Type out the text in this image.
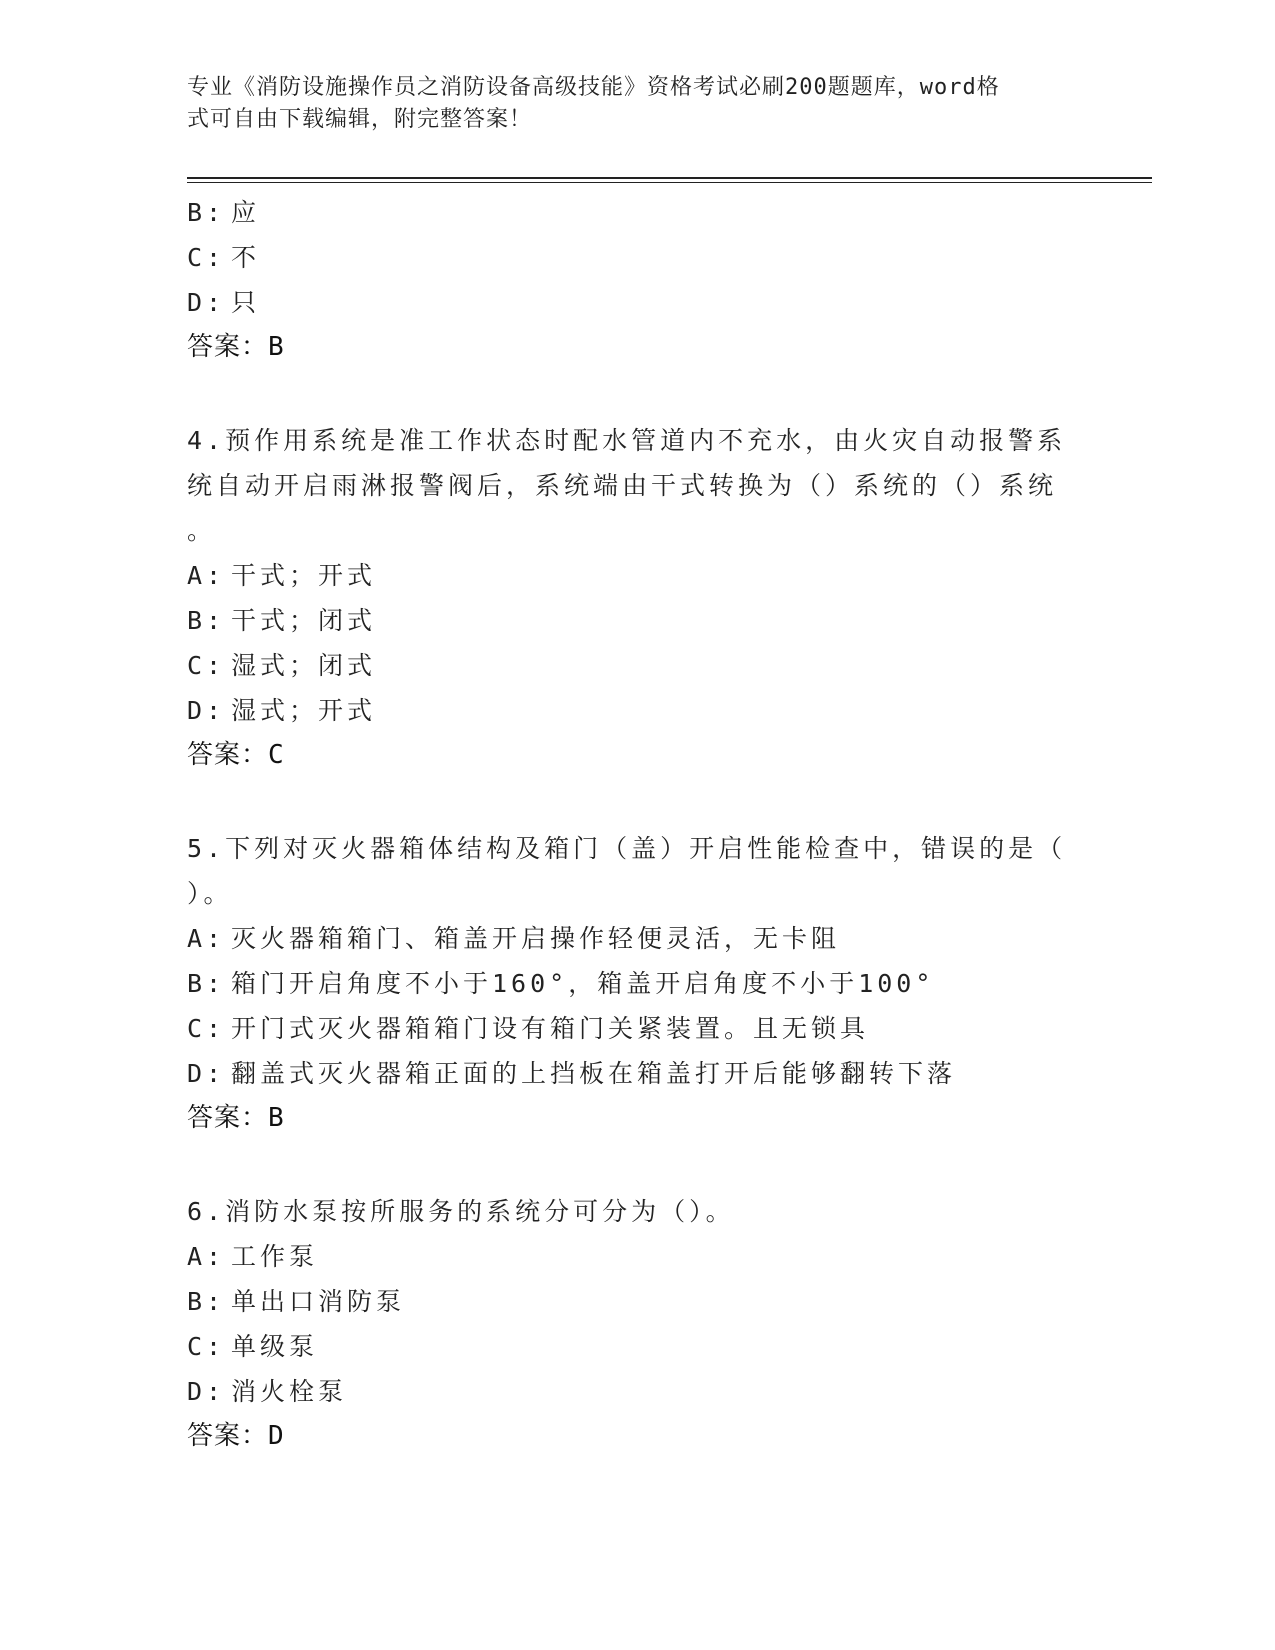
专业《消防设施操作员之消防设备高级技能》资格考试必刷200题题库，word格
式可自由下载编辑，附完整答案！
B: 应
C: 不
D: 只
答案：B
4.预作用系统是准工作状态时配水管道内不充水，由火灾自动报警系
统自动开启雨淋报警阀后，系统端由干式转换为（）系统的（）系统
。
A: 干式；开式
B: 干式；闭式
C: 湿式；闭式
D: 湿式；开式
答案：C
5.下列对灭火器箱体结构及箱门（盖）开启性能检查中，错误的是（
）。
A: 灭火器箱箱门、箱盖开启操作轻便灵活，无卡阻
B: 箱门开启角度不小于160°，箱盖开启角度不小于100°
C: 开门式灭火器箱箱门设有箱门关紧装置。且无锁具
D: 翻盖式灭火器箱正面的上挡板在箱盖打开后能够翻转下落
答案：B
6.消防水泵按所服务的系统分可分为（）。
A: 工作泵
B: 单出口消防泵
C: 单级泵
D: 消火栓泵
答案：D
